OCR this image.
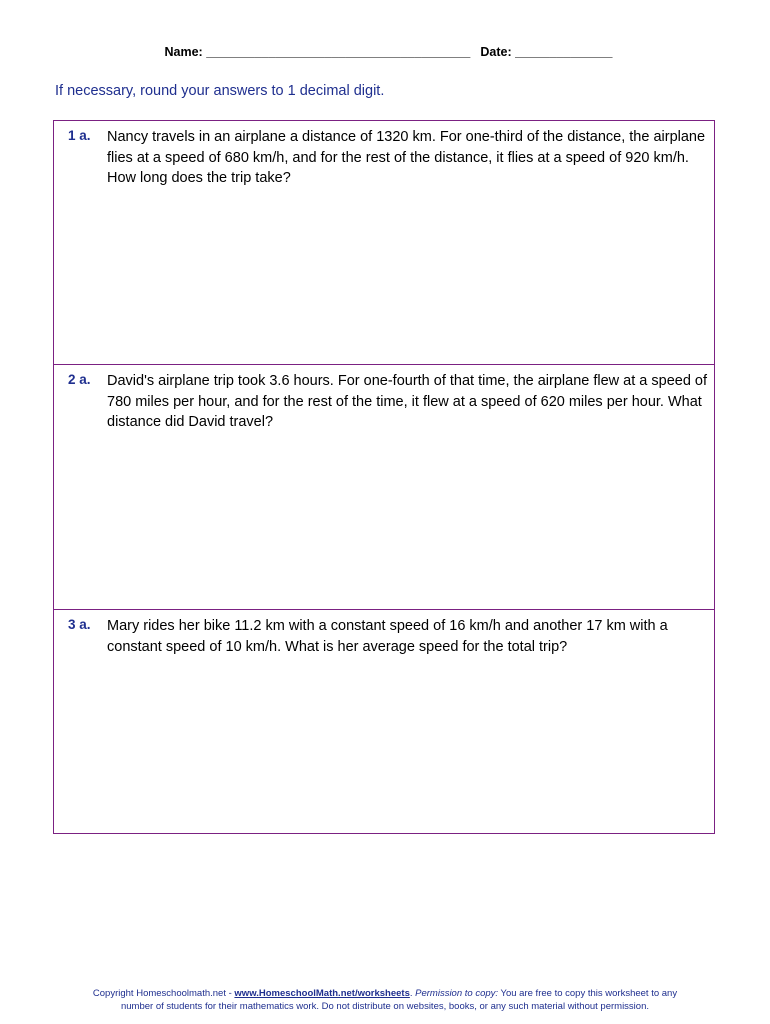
Name: ______________________________________ Date: ______________

If necessary, round your answers to 1 decimal digit.
1 a. Nancy travels in an airplane a distance of 1320 km. For one-third of the distance, the airplane flies at a speed of 680 km/h, and for the rest of the distance, it flies at a speed of 920 km/h. How long does the trip take?
2 a. David's airplane trip took 3.6 hours. For one-fourth of that time, the airplane flew at a speed of 780 miles per hour, and for the rest of the time, it flew at a speed of 620 miles per hour. What distance did David travel?
3 a. Mary rides her bike 11.2 km with a constant speed of 16 km/h and another 17 km with a constant speed of 10 km/h. What is her average speed for the total trip?
Copyright Homeschoolmath.net - www.HomeschoolMath.net/worksheets. Permission to copy: You are free to copy this worksheet to any
number of students for their mathematics work. Do not distribute on websites, books, or any such material without permission.
